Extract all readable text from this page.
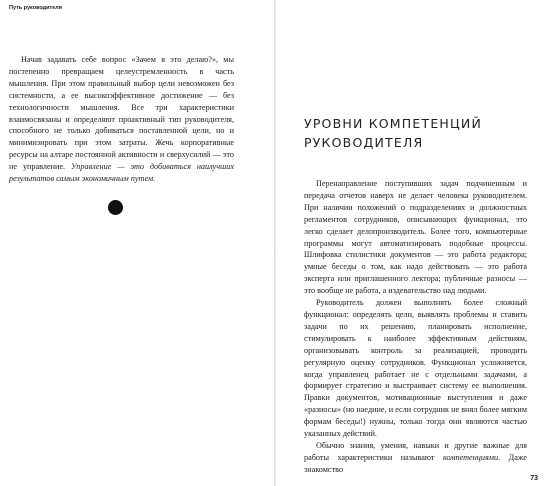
Путь руководителя

Начав задавать себе вопрос «Зачем я это делаю?», мы постепенно превращаем целеустремленность в часть мышления. При этом правильный выбор цели невозможен без системности, а ее высокоэффективное достижение — без технологичности мышления. Все три характеристики взаимосвязаны и определяют проактивный тип руководителя, способного не только добиваться поставленной цели, но и минимизировать при этом затраты. Жечь корпоративные ресурсы на алтаре постоянной активности и сверхусилий — это не управление. Управление — это добиваться наилучших результатов самым экономичным путем.

УРОВНИ КОМПЕТЕНЦИЙ
РУКОВОДИТЕЛЯ

Перенаправление поступивших задач подчиненным и передача отчетов наверх не делает человека руководителем. При наличии положений о подразделениях и должностных регламентов сотрудников, описывающих функционал, это легко сделает делопроизводитель. Более того, компьютерные программы могут автоматизировать подобные процессы. Шлифовка стилистики документов — это работа редактора; умные беседы о том, как надо действовать — это работа эксперта или приглашенного лектора; публичные разносы — это вообще не работа, а издевательство над людьми.

Руководитель должен выполнять более сложный функционал: определять цели, выявлять проблемы и ставить задачи по их решению, планировать исполнение, стимулировать к наиболее эффективным действиям, организовывать контроль за реализацией, проводить регулярную оценку сотрудников. Функционал усложняется, когда управленец работает не с отдельными задачами, а формирует стратегию и выстраивает систему ее выполнения. Правки документов, мотивационные выступления и даже «разносы» (но наедине, и если сотрудник не внял более мягким формам беседы!) нужны, только тогда они являются частью указанных действий.

Обычно знания, умения, навыки и другие важные для работы характеристики называют компетенциями. Даже знакомство

73
